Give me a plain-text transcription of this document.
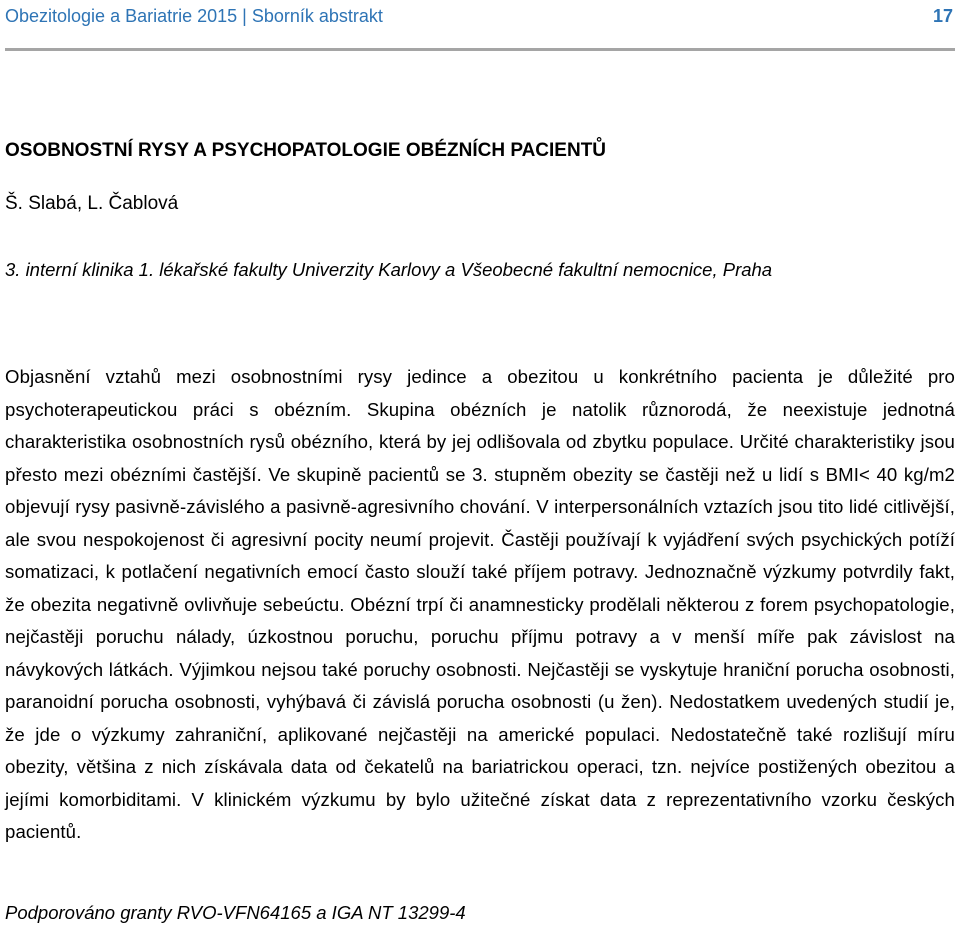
Obezitologie a Bariatrie 2015 | Sborník abstrakt	17
OSOBNOSTNÍ RYSY A PSYCHOPATOLOGIE OBÉZNÍCH PACIENTŮ
Š. Slabá, L. Čablová
3. interní klinika 1. lékařské fakulty Univerzity Karlovy a Všeobecné fakultní nemocnice, Praha

Objasnění vztahů mezi osobnostními rysy jedince a obezitou u konkrétního pacienta je důležité pro psychoterapeutickou práci s obézním. Skupina obézních je natolik různorodá, že neexistuje jednotná charakteristika osobnostních rysů obézního, která by jej odlišovala od zbytku populace. Určité charakteristiky jsou přesto mezi obézními častější. Ve skupině pacientů se 3. stupněm obezity se častěji než u lidí s BMI< 40 kg/m2 objevují rysy pasivně-závislého a pasivně-agresivního chování. V interpersonálních vztazích jsou tito lidé citlivější, ale svou nespokojenost či agresivní pocity neumí projevit. Častěji používají k vyjádření svých psychických potíží somatizaci, k potlačení negativních emocí často slouží také příjem potravy. Jednoznačně výzkumy potvrdily fakt, že obezita negativně ovlivňuje sebeúctu. Obézní trpí či anamnesticky prodělali některou z forem psychopatologie, nejčastěji poruchu nálady, úzkostnou poruchu, poruchu příjmu potravy a v menší míře pak závislost na návykových látkách. Výjimkou nejsou také poruchy osobnosti. Nejčastěji se vyskytuje hraniční porucha osobnosti, paranoidní porucha osobnosti, vyhýbavá či závislá porucha osobnosti (u žen). Nedostatkem uvedených studií je, že jde o výzkumy zahraniční, aplikované nejčastěji na americké populaci. Nedostatečně také rozlišují míru obezity, většina z nich získávala data od čekatelů na bariatrickou operaci, tzn. nejvíce postižených obezitou a jejími komorbiditami. V klinickém výzkumu by bylo užitečné získat data z reprezentativního vzorku českých pacientů.

Podporováno granty RVO-VFN64165 a IGA NT 13299-4
